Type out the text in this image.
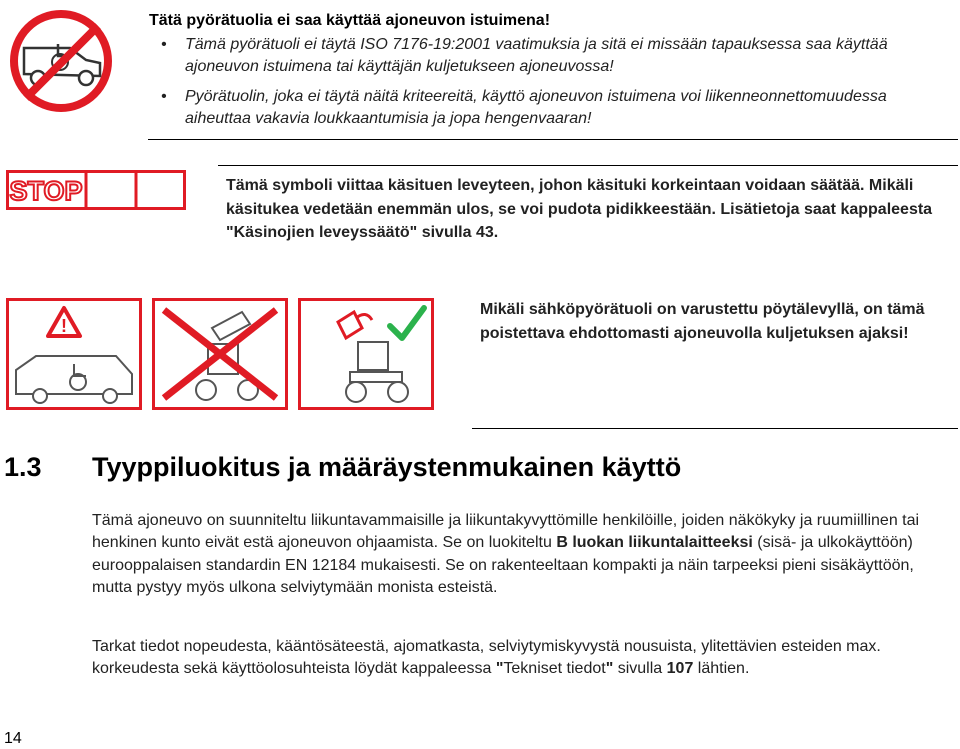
Tätä pyörätuolia ei saa käyttää ajoneuvon istuimena!
• Tämä pyörätuoli ei täytä ISO 7176-19:2001 vaatimuksia ja sitä ei missään tapauksessa saa käyttää ajoneuvon istuimena tai käyttäjän kuljetukseen ajoneuvossa!
• Pyörätuolin, joka ei täytä näitä kriteereitä, käyttö ajoneuvon istuimena voi liikenneonnettomuudessa aiheuttaa vakavia loukkaantumisia ja jopa hengenvaaran!
STOP	Tämä symboli viittaa käsituen leveyteen, johon käsituki korkeintaan voidaan säätää. Mikäli käsitukea vedetään enemmän ulos, se voi pudota pidikkeestään. Lisätietoja saat kappaleesta "Käsinojien leveyssäätö" sivulla 43.
!
Mikäli sähköpyörätuoli on varustettu pöytälevyllä, on tämä poistettava ehdottomasti ajoneuvolla kuljetuksen ajaksi!
1.3 Tyyppiluokitus ja määräystenmukainen käyttö
Tämä ajoneuvo on suunniteltu liikuntavammaisille ja liikuntakyvyttömille henkilöille, joiden näkökyky ja ruumiillinen tai henkinen kunto eivät estä ajoneuvon ohjaamista. Se on luokiteltu B luokan liikuntalaitteeksi (sisä- ja ulkokäyttöön) eurooppalaisen standardin EN 12184 mukaisesti. Se on rakenteeltaan kompakti ja näin tarpeeksi pieni sisäkäyttöön, mutta pystyy myös ulkona selviytymään monista esteistä.
Tarkat tiedot nopeudesta, kääntösäteestä, ajomatkasta, selviytymiskyvystä nousuista, ylitettävien esteiden max. korkeudesta sekä käyttöolosuhteista löydät kappaleessa "Tekniset tiedot" sivulla 107 lähtien.
14
